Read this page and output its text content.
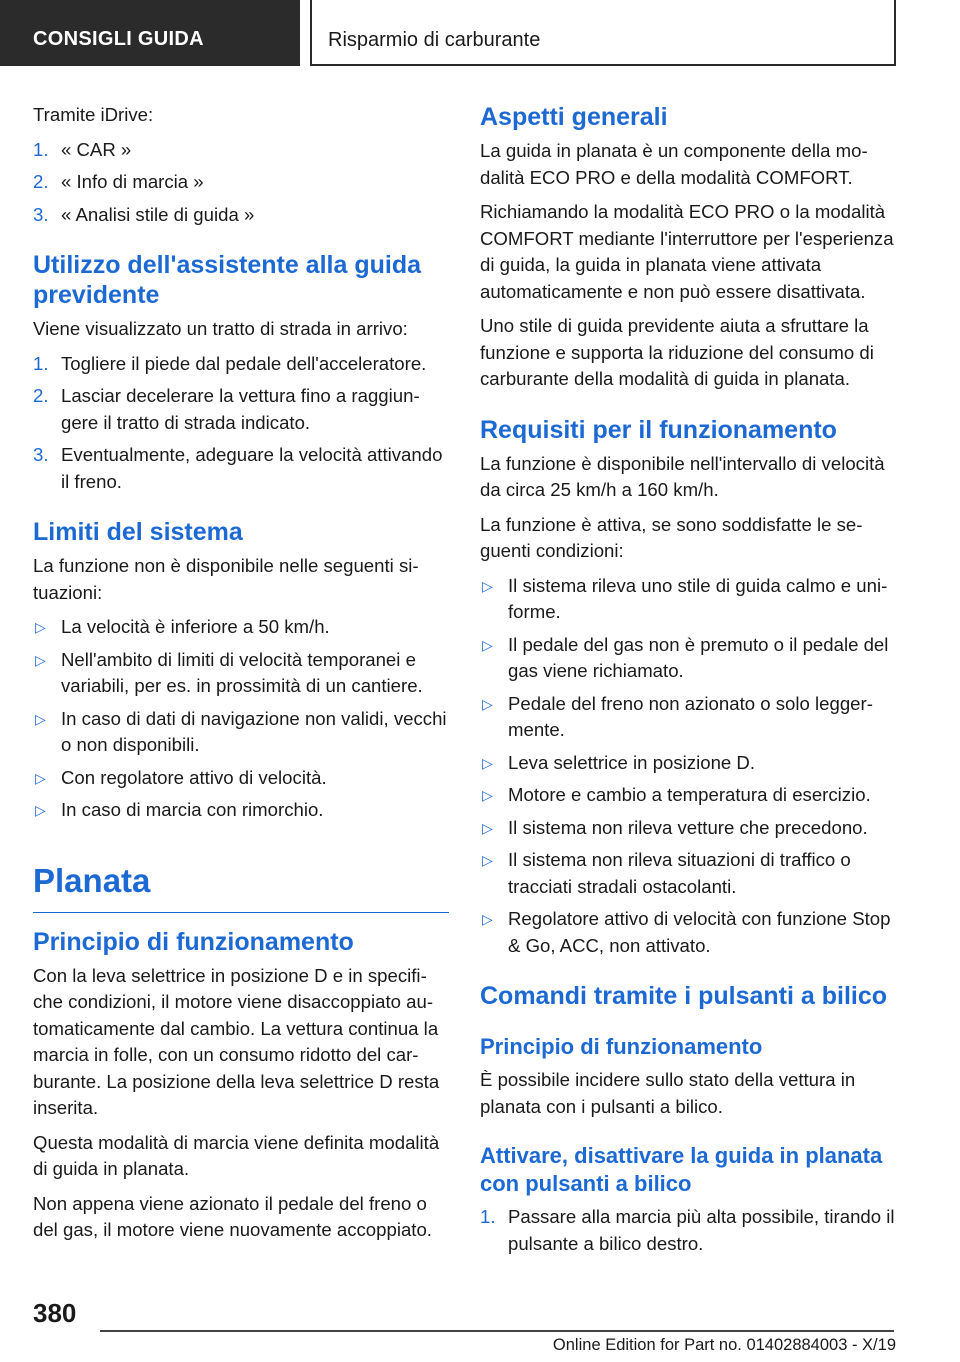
CONSIGLI GUIDA	Risparmio di carburante

Tramite iDrive:

1. « CAR »
2. « Info di marcia »
3. « Analisi stile di guida »
Utilizzo dell'assistente alla guida previdente

Viene visualizzato un tratto di strada in arrivo:

1. Togliere il piede dal pedale dell'acceleratore.
2. Lasciar decelerare la vettura fino a raggiungere il tratto di strada indicato.
3. Eventualmente, adeguare la velocità attivando il freno.
Limiti del sistema

La funzione non è disponibile nelle seguenti situazioni:

▷ La velocità è inferiore a 50 km/h.
▷ Nell'ambito di limiti di velocità temporanei e variabili, per es. in prossimità di un cantiere.
▷ In caso di dati di navigazione non validi, vecchi o non disponibili.
▷ Con regolatore attivo di velocità.
▷ In caso di marcia con rimorchio.
Planata
Principio di funzionamento

Con la leva selettrice in posizione D e in specifiche condizioni, il motore viene disaccoppiato automaticamente dal cambio. La vettura continua la marcia in folle, con un consumo ridotto del carburante. La posizione della leva selettrice D resta inserita.

Questa modalità di marcia viene definita modalità di guida in planata.

Non appena viene azionato il pedale del freno o del gas, il motore viene nuovamente accoppiato.

Aspetti generali

La guida in planata è un componente della modalità ECO PRO e della modalità COMFORT.

Richiamando la modalità ECO PRO o la modalità COMFORT mediante l'interruttore per l'esperienza di guida, la guida in planata viene attivata automaticamente e non può essere disattivata.

Uno stile di guida previdente aiuta a sfruttare la funzione e supporta la riduzione del consumo di carburante della modalità di guida in planata.

Requisiti per il funzionamento

La funzione è disponibile nell'intervallo di velocità da circa 25 km/h a 160 km/h.

La funzione è attiva, se sono soddisfatte le seguenti condizioni:

▷ Il sistema rileva uno stile di guida calmo e uniforme.
▷ Il pedale del gas non è premuto o il pedale del gas viene richiamato.
▷ Pedale del freno non azionato o solo leggermente.
▷ Leva selettrice in posizione D.
▷ Motore e cambio a temperatura di esercizio.
▷ Il sistema non rileva vetture che precedono.
▷ Il sistema non rileva situazioni di traffico o tracciati stradali ostacolanti.
▷ Regolatore attivo di velocità con funzione Stop & Go, ACC, non attivato.
Comandi tramite i pulsanti a bilico
Principio di funzionamento

È possibile incidere sullo stato della vettura in planata con i pulsanti a bilico.

Attivare, disattivare la guida in planata con pulsanti a bilico
1. Passare alla marcia più alta possibile, tirando il pulsante a bilico destro.
380
Online Edition for Part no. 01402884003 - X/19
